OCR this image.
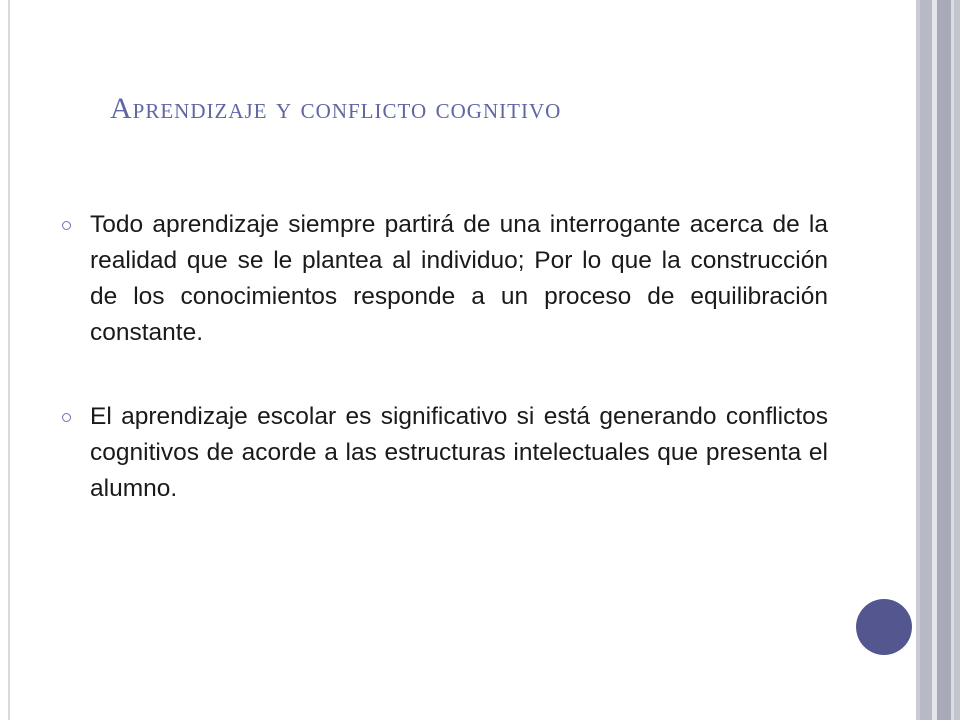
Aprendizaje y conflicto cognitivo
Todo aprendizaje siempre partirá de una interrogante acerca de la realidad que se le plantea al individuo; Por lo que la construcción de los conocimientos responde a un proceso de equilibración constante.
El aprendizaje escolar es significativo si está generando conflictos cognitivos de acorde a las estructuras intelectuales que presenta el alumno.
